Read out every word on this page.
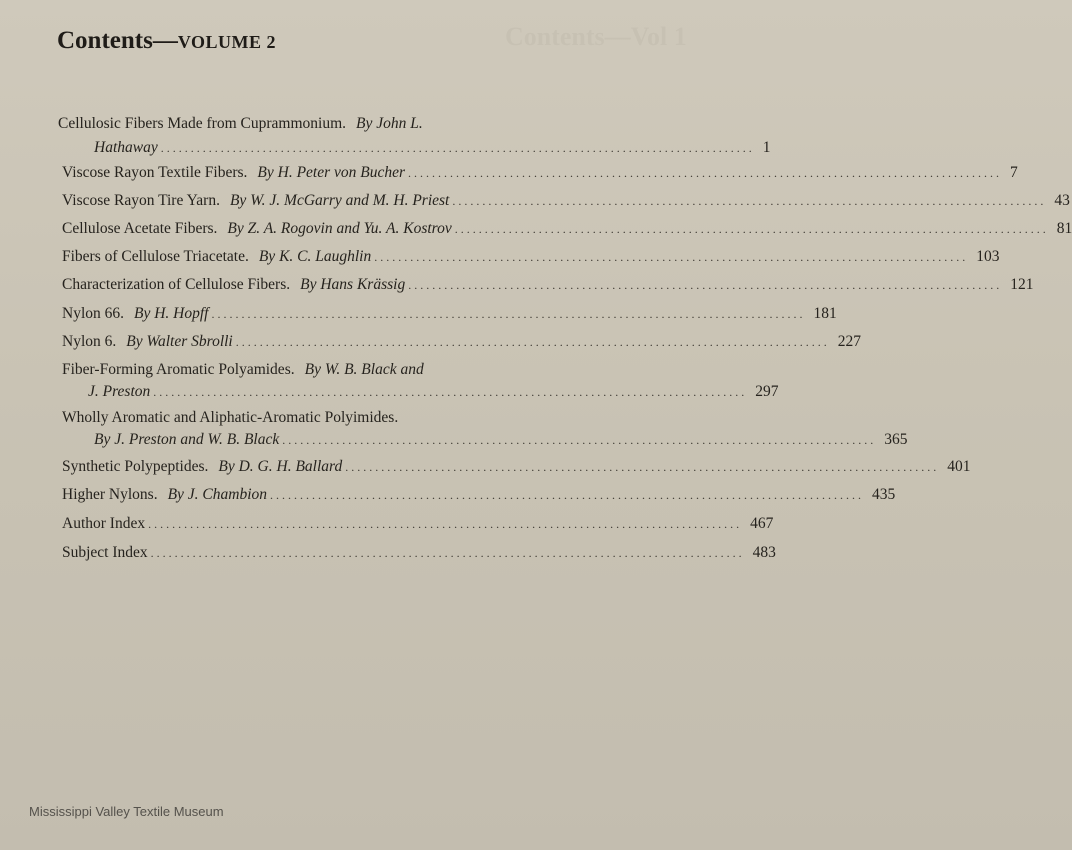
Contents—Vol 1
Contents—VOLUME 2
Cellulosic Fibers Made from Cuprammonium. By John L.
Hathaway ................................................................................................... 1
Viscose Rayon Textile Fibers. By H. Peter von Bucher ................................................................................................... 7
Viscose Rayon Tire Yarn. By W. J. McGarry and M. H. Priest ................................................................................................... 43
Cellulose Acetate Fibers. By Z. A. Rogovin and Yu. A. Kostrov ................................................................................................... 81
Fibers of Cellulose Triacetate. By K. C. Laughlin ................................................................................................... 103
Characterization of Cellulose Fibers. By Hans Krässig ................................................................................................... 121
Nylon 66. By H. Hopff ................................................................................................... 181
Nylon 6. By Walter Sbrolli ................................................................................................... 227
Fiber-Forming Aromatic Polyamides. By W. B. Black and
J. Preston ................................................................................................... 297
Wholly Aromatic and Aliphatic-Aromatic Polyimides.
By J. Preston and W. B. Black ................................................................................................... 365
Synthetic Polypeptides. By D. G. H. Ballard ................................................................................................... 401
Higher Nylons. By J. Chambion ................................................................................................... 435
Author Index ................................................................................................... 467
Subject Index ................................................................................................... 483
Mississippi Valley Textile Museum
